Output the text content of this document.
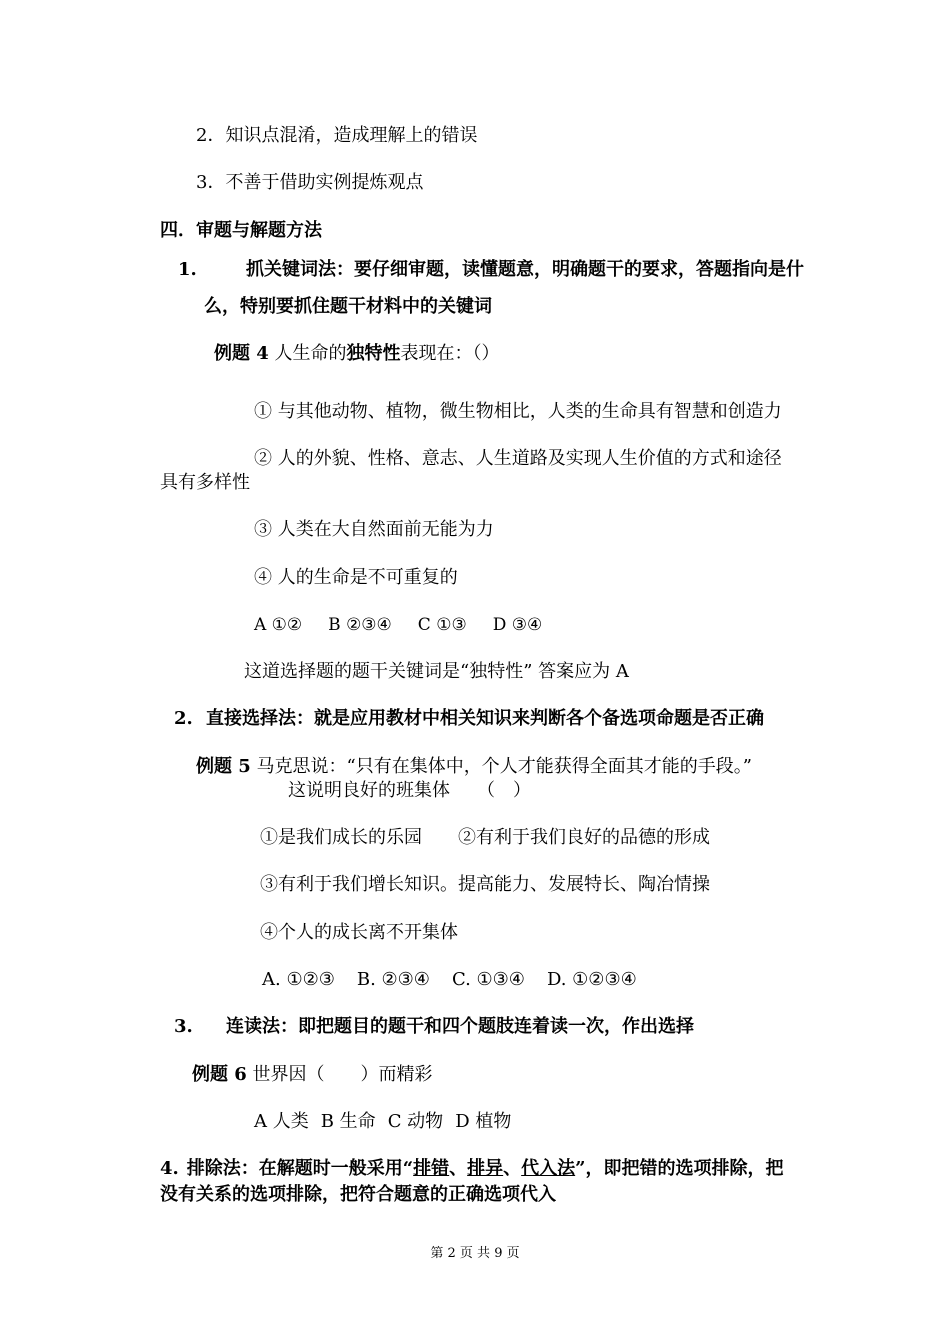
2．知识点混淆，造成理解上的错误
3．不善于借助实例提炼观点
四．审题与解题方法
1.	抓关键词法：要仔细审题，读懂题意，明确题干的要求，答题指向是什
么，特别要抓住题干材料中的关键词
例题 4 人生命的独特性表现在：（）
① 与其他动物、植物，微生物相比，人类的生命具有智慧和创造力
② 人的外貌、性格、意志、人生道路及实现人生价值的方式和途径
具有多样性
③ 人类在大自然面前无能为力
④ 人的生命是不可重复的
A ①② B ②③④ C ①③ D ③④
这道选择题的题干关键词是“独特性” 答案应为 A
2. 直接选择法：就是应用教材中相关知识来判断各个备选项命题是否正确
例题 5 马克思说：“只有在集体中，个人才能获得全面其才能的手段。”
这说明良好的班集体　　（　）
①是我们成长的乐园 ②有利于我们良好的品德的形成
③有利于我们增长知识。提高能力、发展特长、陶冶情操
④个人的成长离不开集体
A. ①②③ B. ②③④ C. ①③④ D. ①②③④
3. 连读法：即把题目的题干和四个题肢连着读一次，作出选择
例题 6 世界因（　　）而精彩
A 人类 B 生命 C 动物 D 植物
4. 排除法：在解题时一般采用“排错、排异、代入法”，即把错的选项排除，把
没有关系的选项排除，把符合题意的正确选项代入
第 2 页 共 9 页
